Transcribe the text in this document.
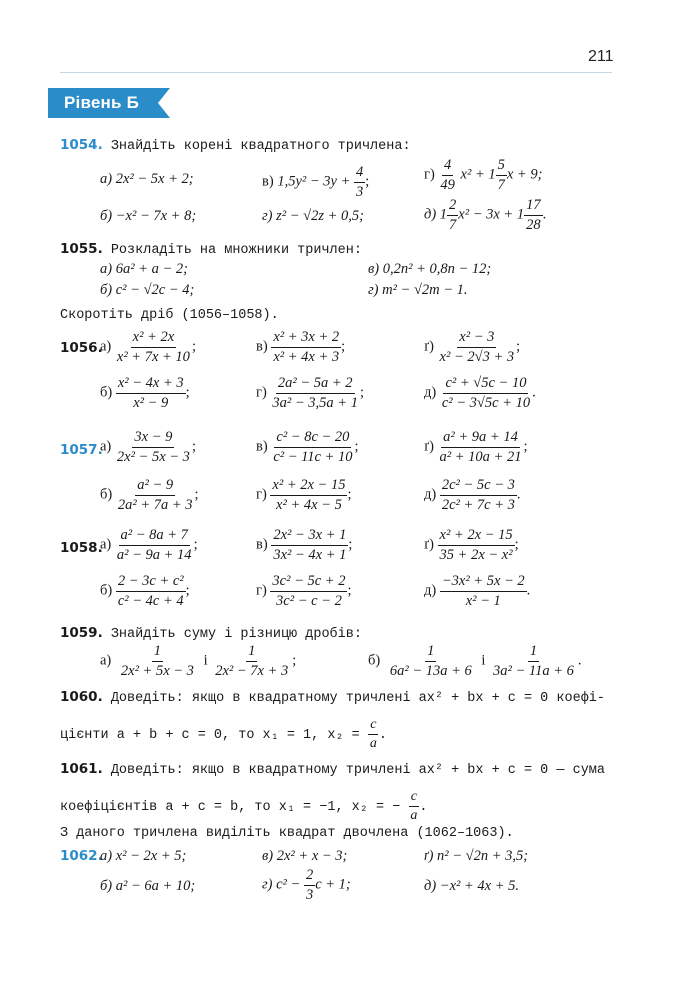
211
Рівень Б
1054. Знайдіть корені квадратного тричлена:
а) 2x² − 5x + 2;	в) $1,5y^2 - 3y + \frac{4}{3}$ ;	$г) \frac{4}{49} x^2 + 1 \frac{5}{7}$ x + 9;
б) −x² − 7x + 8;	г) z² − √2z + 0,5;	д) $1 \frac{2}{7} x^2 - 3x + 1 \frac{17}{28}$ .
1055. Розкладіть на множники тричлен:
а) 6a² + a − 2;	в) 0,2n² + 0,8n − 12;
б) c² − √2c − 4;	г) m² − √2m − 1.
Скоротіть дріб (1056–1058).
1056.
$а) \frac{\text{x² + 2x}}{\text{x² + 7x + 10}}$ ;	$в) \frac{\text{x² + 3x + 2}}{\text{x² + 4x + 3}}$ ;	$ґ) \frac{\text{x² − 3}}{\text{x² − 2√3 + 3}}$ ;
$б) \frac{\text{x² − 4x + 3}}{\text{x² − 9}}$ ;	$г) \frac{\text{2a² − 5a + 2}}{\text{3a² − 3,5a + 1}}$ ;	$д) \frac{\text{c² + √5c − 10}}{\text{c² − 3√5c + 10}}$ .
1057.
$а) \frac{3x - 9}{\text{2x² − 5x − 3}}$ ;	$в) \frac{\text{c² − 8c − 20}}{\text{c² − 11c + 10}}$ ;	$ґ) \frac{\text{a² + 9a + 14}}{\text{a² + 10a + 21}}$ ;
$б) \frac{\text{a² − 9}}{\text{2a² + 7a + 3}}$ ;	$г) \frac{\text{x² + 2x − 15}}{\text{x² + 4x − 5}}$ ;	$д) \frac{\text{2c² − 5c − 3}}{\text{2c² + 7c + 3}}$ .
1058.
$а) \frac{\text{a² − 8a + 7}}{\text{a² − 9a + 14}}$ ;	$в) \frac{\text{2x² − 3x + 1}}{\text{3x² − 4x + 1}}$ ;	$ґ) \frac{\text{x² + 2x − 15}}{\text{35 + 2x − x²}}$ ;
$б) \frac{\text{2 − 3c + c²}}{\text{c² − 4c + 4}}$ ;	$г) \frac{\text{3c² − 5c + 2}}{\text{3c² − c − 2}}$ ;	$д) \frac{\text{−3x² + 5x − 2}}{\text{x² − 1}}$ .
1059. Знайдіть суму і різницю дробів:
$а) \frac{1}{\text{2x² + 5x − 3}}$ і $\frac{1}{\text{2x² − 7x + 3}}$ ;	$б) \frac{1}{\text{6a² − 13a + 6}}$ і $\frac{1}{\text{3a² − 11a + 6}}$ .
1060. Доведіть: якщо в квадратному тричлені ax² + bx + c = 0 коефі-
цієнти a + b + c = 0, то x₁ = 1, $x_2 = \frac{c}{a}$ .
1061. Доведіть: якщо в квадратному тричлені ax² + bx + c = 0 — сума
коефіцієнтів a + c = b, то x₁ = −1, x₂ = − $\frac{c}{a}$ .
З даного тричлена виділіть квадрат двочлена (1062–1063).
1062.
а) x² − 2x + 5;	в) 2x² + x − 3;	ґ) n² − √2n + 3,5;
б) a² − 6a + 10;	г) $c^2 - \frac{2}{3}$ c + 1;	д) −x² + 4x + 5.
